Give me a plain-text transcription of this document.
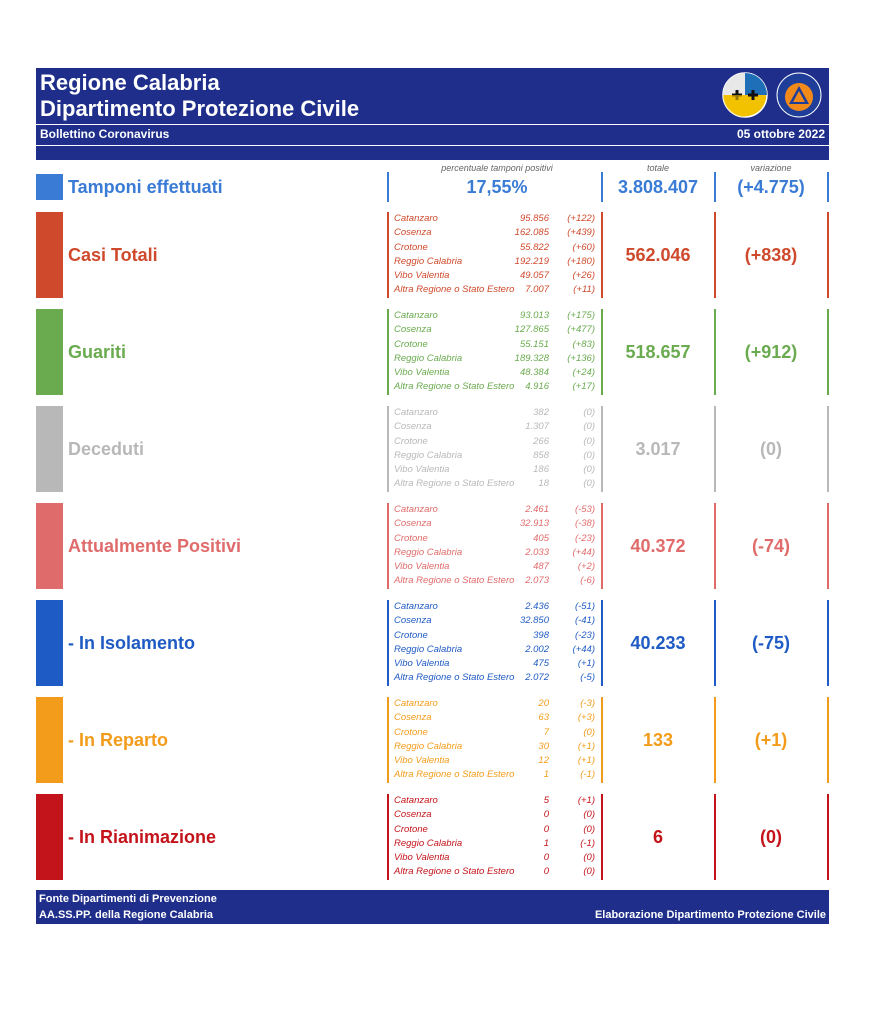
Regione Calabria
Dipartimento Protezione Civile
Bollettino Coronavirus	05 ottobre 2022
percentuale tamponi positivi	totale	variazione
Tamponi effettuati	17,55%	3.808.407	(+4.775)
Casi Totali
Catanzaro	95.856 (+122)
Cosenza	162.085 (+439)
Crotone	55.822 (+60)
Reggio Calabria	192.219 (+180)
Vibo Valentia	49.057 (+26)
Altra Regione o Stato Estero 7.007	(+11)
562.046	(+838)
Guariti
Catanzaro	93.013 (+175)
Cosenza	127.865 (+477)
Crotone	55.151 (+83)
Reggio Calabria	189.328 (+136)
Vibo Valentia	48.384 (+24)
Altra Regione o Stato Estero 4.916 (+17)
518.657	(+912)
Deceduti
Catanzaro	382	(0)
Cosenza	1.307	(0)
Crotone	266	(0)
Reggio Calabria	858	(0)
Vibo Valentia	186	(0)
Altra Regione o Stato Estero	18	(0)
3.017	(0)
Attualmente Positivi
Catanzaro	2.461	(-53)
Cosenza	32.913	(-38)
Crotone	405	(-23)
Reggio Calabria	2.033 (+44)
Vibo Valentia	487	(+2)
Altra Regione o Stato Estero 2.073	(-6)
40.372	(-74)
- In Isolamento
Catanzaro	2.436	(-51)
Cosenza	32.850	(-41)
Crotone	398	(-23)
Reggio Calabria	2.002 (+44)
Vibo Valentia	475	(+1)
Altra Regione o Stato Estero 2.072	(-5)
40.233	(-75)
- In Reparto
Catanzaro	20	(-3)
Cosenza	63	(+3)
Crotone	7	(0)
Reggio Calabria	30	(+1)
Vibo Valentia	12	(+1)
Altra Regione o Stato Estero	1	(-1)
133	(+1)
- In Rianimazione
Catanzaro	5	(+1)
Cosenza	0	(0)
Crotone	0	(0)
Reggio Calabria	1	(-1)
Vibo Valentia	0	(0)
Altra Regione o Stato Estero	0	(0)
6	(0)
Fonte Dipartimenti di Prevenzione
AA.SS.PP. della Regione Calabria	Elaborazione Dipartimento Protezione Civile
